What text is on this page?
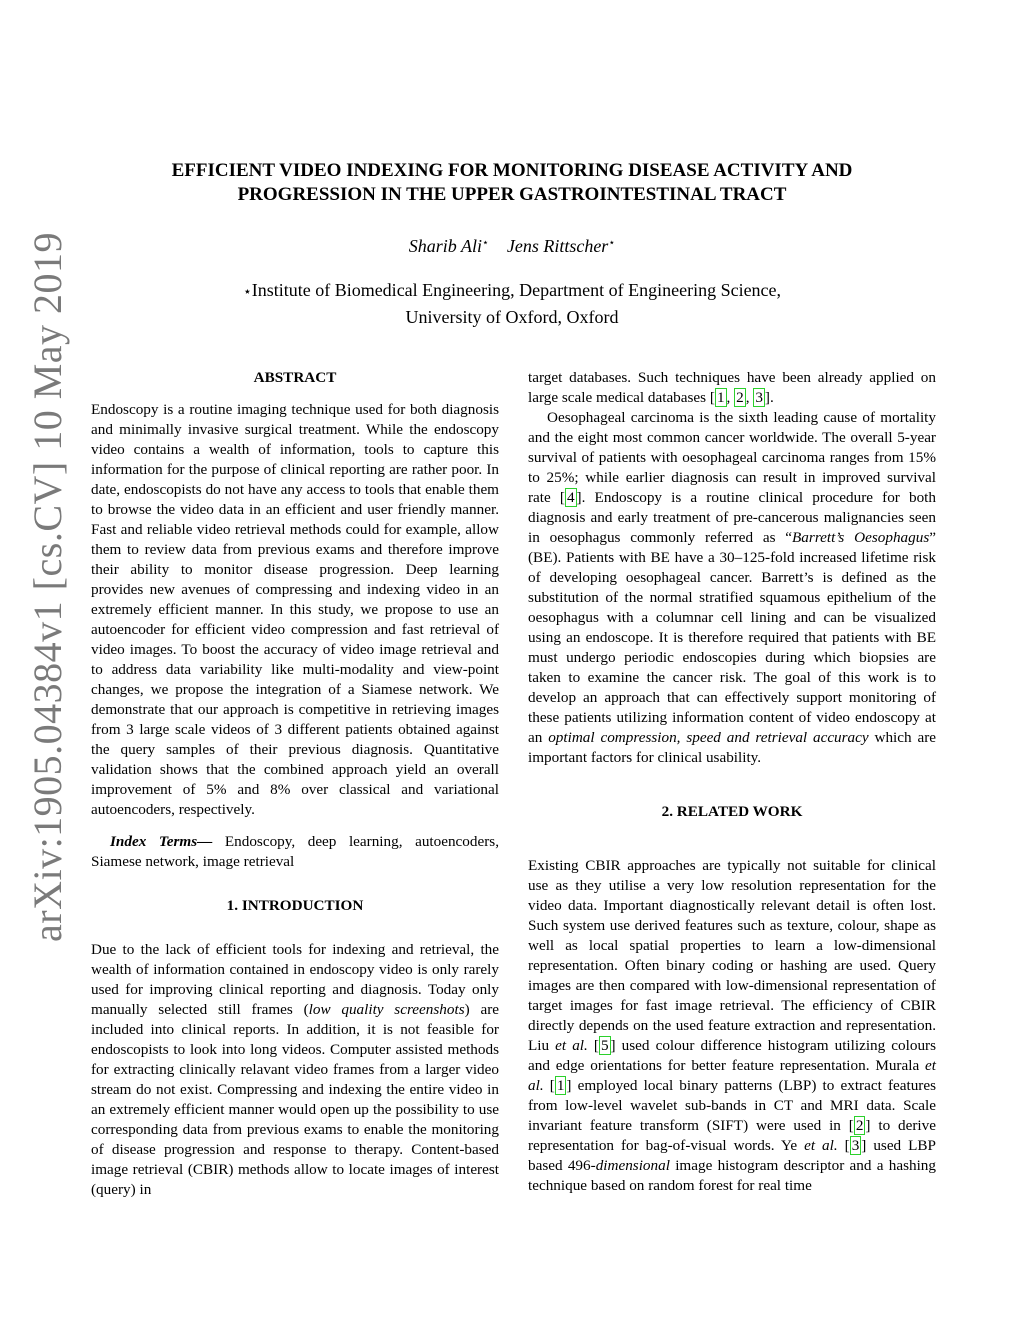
arXiv:1905.04384v1 [cs.CV] 10 May 2019
EFFICIENT VIDEO INDEXING FOR MONITORING DISEASE ACTIVITY AND
PROGRESSION IN THE UPPER GASTROINTESTINAL TRACT
Sharib Ali⋆ Jens Rittscher⋆
⋆Institute of Biomedical Engineering, Department of Engineering Science,
University of Oxford, Oxford
ABSTRACT

Endoscopy is a routine imaging technique used for both diagnosis and minimally invasive surgical treatment. While the endoscopy video contains a wealth of information, tools to capture this information for the purpose of clinical reporting are rather poor. In date, endoscopists do not have any access to tools that enable them to browse the video data in an efficient and user friendly manner. Fast and reliable video retrieval methods could for example, allow them to review data from previous exams and therefore improve their ability to monitor disease progression. Deep learning provides new avenues of compressing and indexing video in an extremely efficient manner. In this study, we propose to use an autoencoder for efficient video compression and fast retrieval of video images. To boost the accuracy of video image retrieval and to address data variability like multi-modality and view-point changes, we propose the integration of a Siamese network. We demonstrate that our approach is competitive in retrieving images from 3 large scale videos of 3 different patients obtained against the query samples of their previous diagnosis. Quantitative validation shows that the combined approach yield an overall improvement of 5% and 8% over classical and variational autoencoders, respectively.

Index Terms— Endoscopy, deep learning, autoencoders, Siamese network, image retrieval

1. INTRODUCTION

Due to the lack of efficient tools for indexing and retrieval, the wealth of information contained in endoscopy video is only rarely used for improving clinical reporting and diagnosis. Today only manually selected still frames (low quality screenshots) are included into clinical reports. In addition, it is not feasible for endoscopists to look into long videos. Computer assisted methods for extracting clinically relavant video frames from a larger video stream do not exist. Compressing and indexing the entire video in an extremely efficient manner would open up the possibility to use corresponding data from previous exams to enable the monitoring of disease progression and response to therapy. Content-based image retrieval (CBIR) methods allow to locate images of interest (query) in

target databases. Such techniques have been already applied on large scale medical databases [ 1 , 2 , 3 ].

Oesophageal carcinoma is the sixth leading cause of mortality and the eight most common cancer worldwide. The overall 5-year survival of patients with oesophageal carcinoma ranges from 15% to 25%; while earlier diagnosis can result in improved survival rate [ 4 ]. Endoscopy is a routine clinical procedure for both diagnosis and early treatment of pre-cancerous malignancies seen in oesophagus commonly referred as “Barrett’s Oesophagus” (BE). Patients with BE have a 30–125-fold increased lifetime risk of developing oesophageal cancer. Barrett’s is defined as the substitution of the normal stratified squamous epithelium of the oesophagus with a columnar cell lining and can be visualized using an endoscope. It is therefore required that patients with BE must undergo periodic endoscopies during which biopsies are taken to examine the cancer risk. The goal of this work is to develop an approach that can effectively support monitoring of these patients utilizing information content of video endoscopy at an optimal compression, speed and retrieval accuracy which are important factors for clinical usability.

2. RELATED WORK

Existing CBIR approaches are typically not suitable for clinical use as they utilise a very low resolution representation for the video data. Important diagnostically relevant detail is often lost. Such system use derived features such as texture, colour, shape as well as local spatial properties to learn a low-dimensional representation. Often binary coding or hashing are used. Query images are then compared with low-dimensional representation of target images for fast image retrieval. The efficiency of CBIR directly depends on the used feature extraction and representation. Liu et al. [ 5 ] used colour difference histogram utilizing colours and edge orientations for better feature representation. Murala et al. [ 1 ] employed local binary patterns (LBP) to extract features from low-level wavelet sub-bands in CT and MRI data. Scale invariant feature transform (SIFT) were used in [ 2 ] to derive representation for bag-of-visual words. Ye et al. [ 3 ] used LBP based 496-dimensional image histogram descriptor and a hashing technique based on random forest for real time
